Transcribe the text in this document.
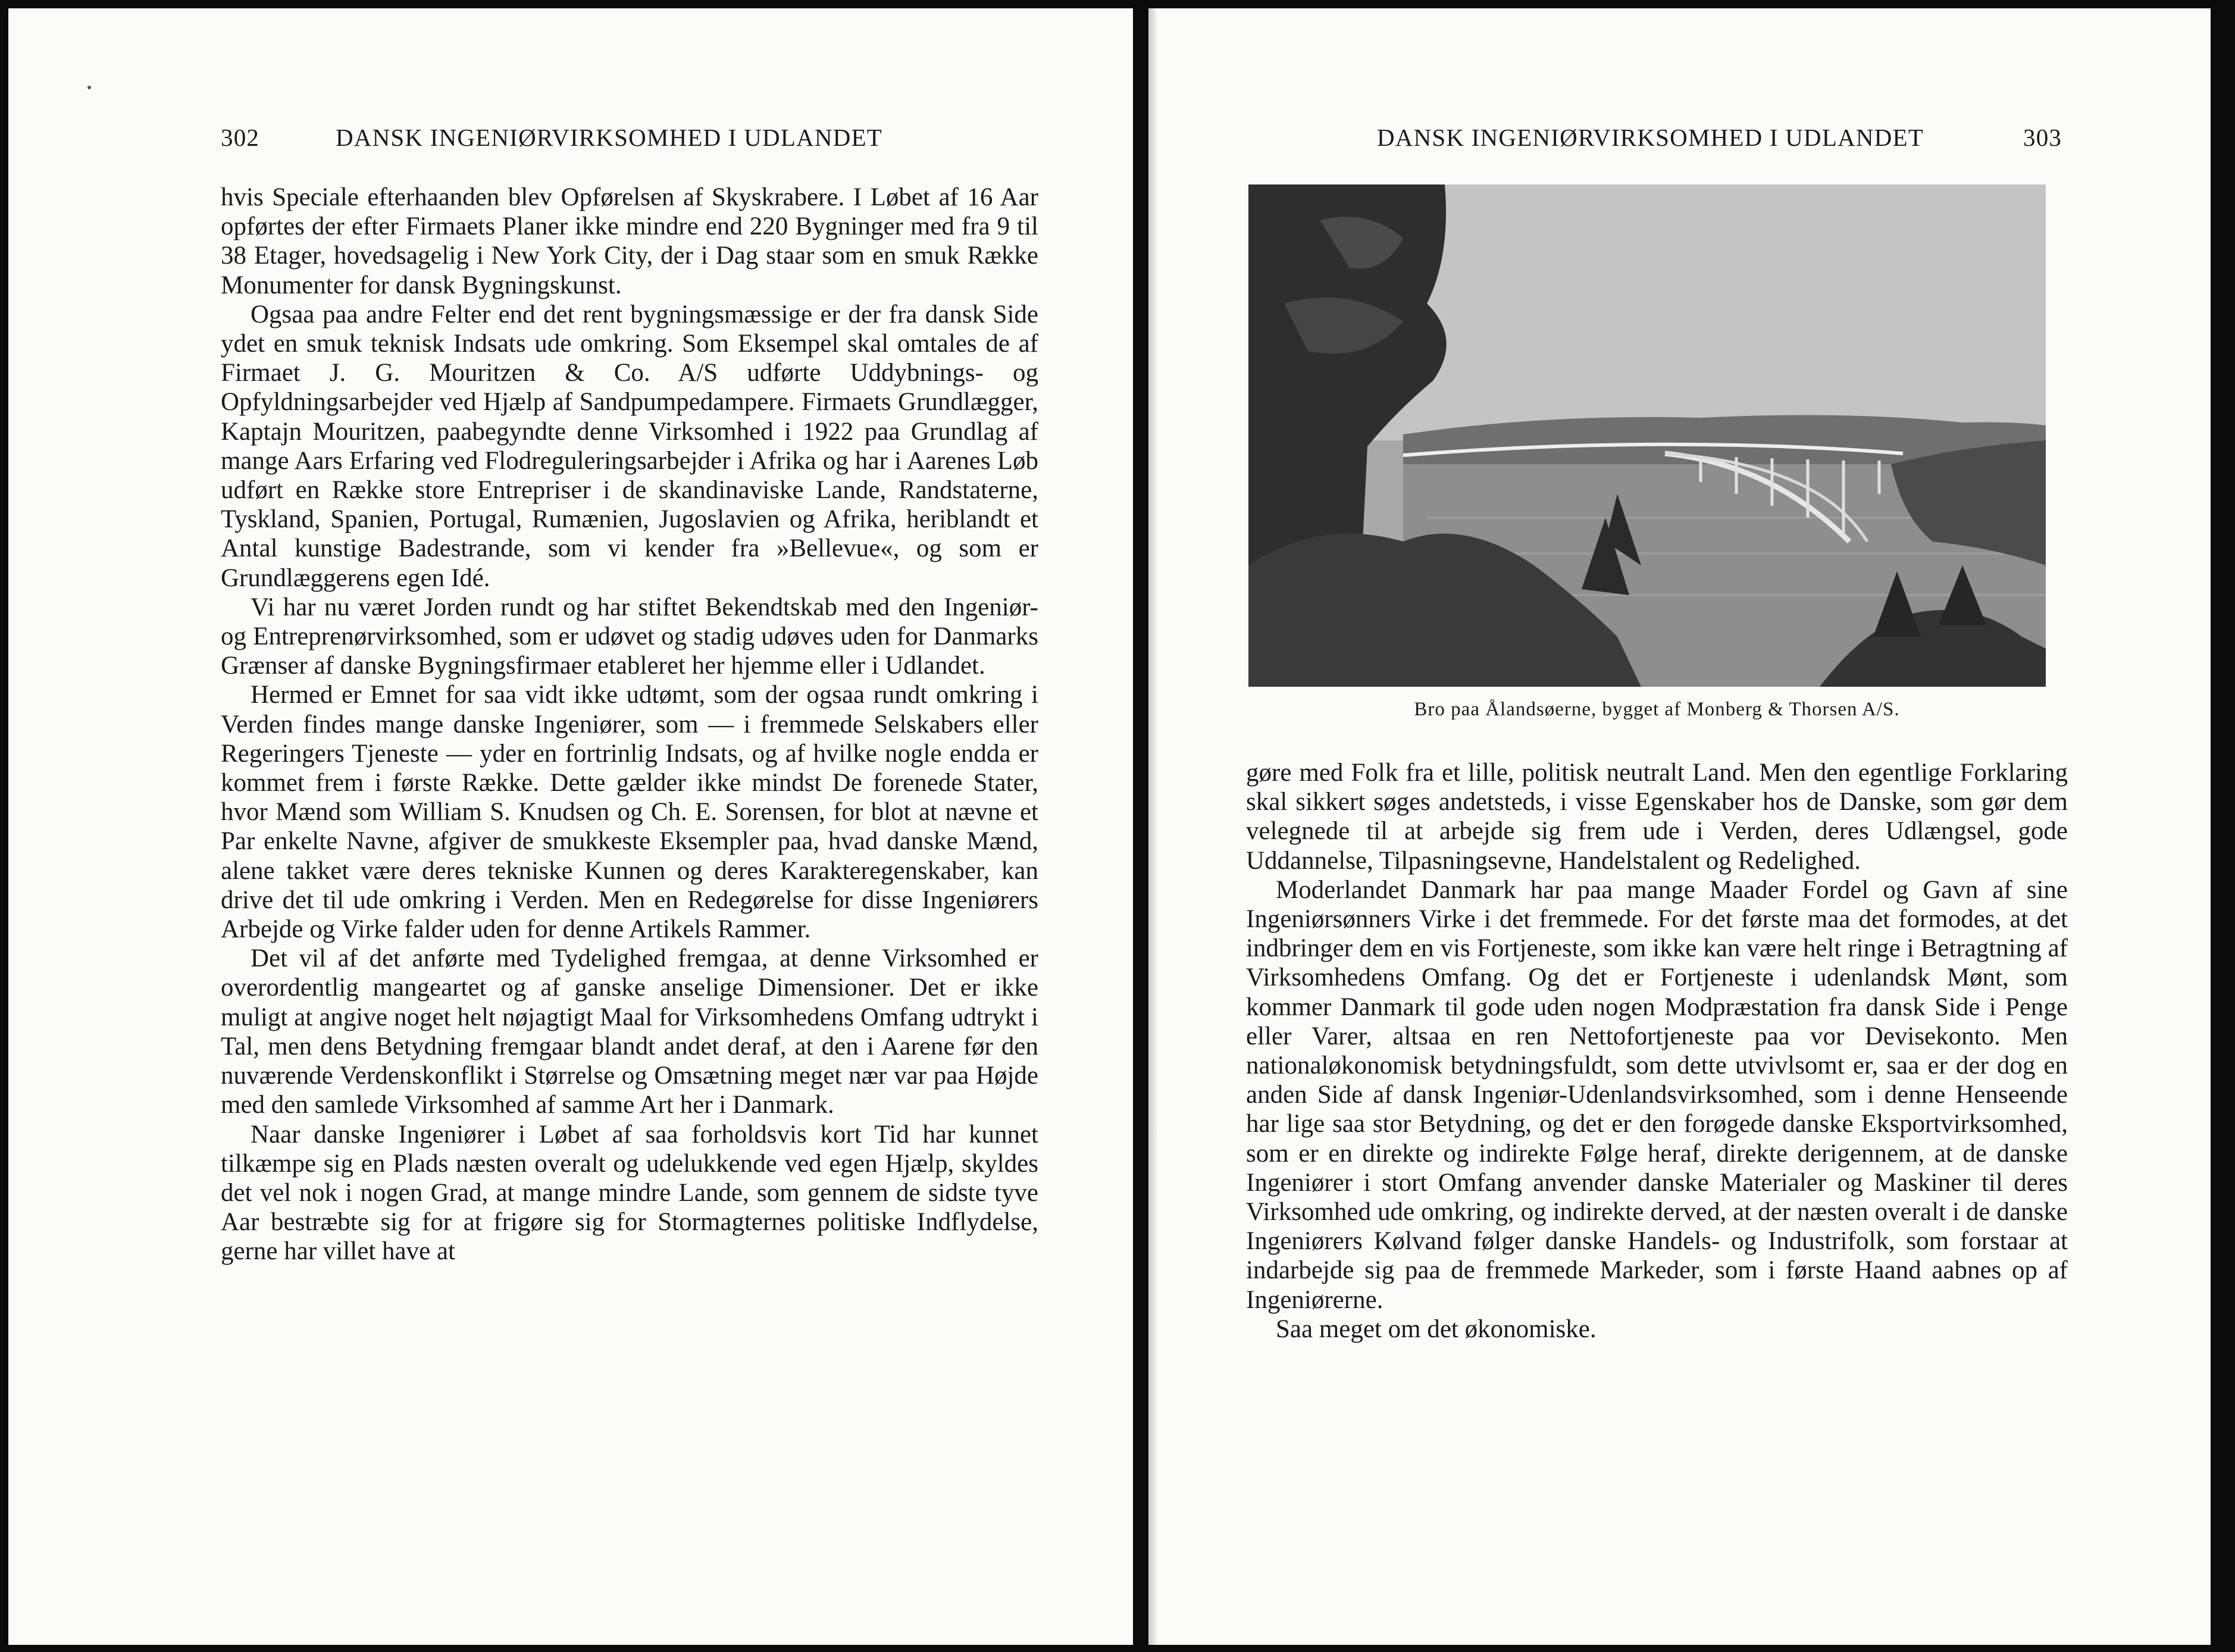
302	DANSK INGENIØRVIRKSOMHED I UDLANDET

hvis Speciale efterhaanden blev Opførelsen af Skyskrabere. I Løbet af 16 Aar opførtes der efter Firmaets Planer ikke mindre end 220 Bygninger med fra 9 til 38 Etager, hovedsagelig i New York City, der i Dag staar som en smuk Række Monumenter for dansk Bygningskunst.

Ogsaa paa andre Felter end det rent bygningsmæssige er der fra dansk Side ydet en smuk teknisk Indsats ude omkring. Som Eksempel skal omtales de af Firmaet J. G. Mouritzen & Co. A/S udførte Uddybnings- og Opfyldningsarbejder ved Hjælp af Sandpumpedampere. Firmaets Grundlægger, Kaptajn Mouritzen, paabegyndte denne Virksomhed i 1922 paa Grundlag af mange Aars Erfaring ved Flodreguleringsarbejder i Afrika og har i Aarenes Løb udført en Række store Entrepriser i de skandinaviske Lande, Randstaterne, Tyskland, Spanien, Portugal, Rumænien, Jugoslavien og Afrika, heriblandt et Antal kunstige Badestrande, som vi kender fra »Bellevue«, og som er Grundlæggerens egen Idé.

Vi har nu været Jorden rundt og har stiftet Bekendtskab med den Ingeniør- og Entreprenørvirksomhed, som er udøvet og stadig udøves uden for Danmarks Grænser af danske Bygningsfirmaer etableret her hjemme eller i Udlandet.

Hermed er Emnet for saa vidt ikke udtømt, som der ogsaa rundt omkring i Verden findes mange danske Ingeniører, som — i fremmede Selskabers eller Regeringers Tjeneste — yder en fortrinlig Indsats, og af hvilke nogle endda er kommet frem i første Række. Dette gælder ikke mindst De forenede Stater, hvor Mænd som William S. Knudsen og Ch. E. Sorensen, for blot at nævne et Par enkelte Navne, afgiver de smukkeste Eksempler paa, hvad danske Mænd, alene takket være deres tekniske Kunnen og deres Karakteregenskaber, kan drive det til ude omkring i Verden. Men en Redegørelse for disse Ingeniørers Arbejde og Virke falder uden for denne Artikels Rammer.

Det vil af det anførte med Tydelighed fremgaa, at denne Virksomhed er overordentlig mangeartet og af ganske anselige Dimensioner. Det er ikke muligt at angive noget helt nøjagtigt Maal for Virksomhedens Omfang udtrykt i Tal, men dens Betydning fremgaar blandt andet deraf, at den i Aarene før den nuværende Verdenskonflikt i Størrelse og Omsætning meget nær var paa Højde med den samlede Virksomhed af samme Art her i Danmark.

Naar danske Ingeniører i Løbet af saa forholdsvis kort Tid har kunnet tilkæmpe sig en Plads næsten overalt og udelukkende ved egen Hjælp, skyldes det vel nok i nogen Grad, at mange mindre Lande, som gennem de sidste tyve Aar bestræbte sig for at frigøre sig for Stormagternes politiske Indflydelse, gerne har villet have at

DANSK INGENIØRVIRKSOMHED I UDLANDET	303
Bro paa Ålandsøerne, bygget af Monberg & Thorsen A/S.

gøre med Folk fra et lille, politisk neutralt Land. Men den egentlige Forklaring skal sikkert søges andetsteds, i visse Egenskaber hos de Danske, som gør dem velegnede til at arbejde sig frem ude i Verden, deres Udlængsel, gode Uddannelse, Tilpasningsevne, Handelstalent og Redelighed.

Moderlandet Danmark har paa mange Maader Fordel og Gavn af sine Ingeniørsønners Virke i det fremmede. For det første maa det formodes, at det indbringer dem en vis Fortjeneste, som ikke kan være helt ringe i Betragtning af Virksomhedens Omfang. Og det er Fortjeneste i udenlandsk Mønt, som kommer Danmark til gode uden nogen Modpræstation fra dansk Side i Penge eller Varer, altsaa en ren Nettofortjeneste paa vor Devisekonto. Men nationaløkonomisk betydningsfuldt, som dette utvivlsomt er, saa er der dog en anden Side af dansk Ingeniør-Udenlandsvirksomhed, som i denne Henseende har lige saa stor Betydning, og det er den forøgede danske Eksportvirksomhed, som er en direkte og indirekte Følge heraf, direkte derigennem, at de danske Ingeniører i stort Omfang anvender danske Materialer og Maskiner til deres Virksomhed ude omkring, og indirekte derved, at der næsten overalt i de danske Ingeniørers Kølvand følger danske Handels- og Industrifolk, som forstaar at indarbejde sig paa de fremmede Markeder, som i første Haand aabnes op af Ingeniørerne.

Saa meget om det økonomiske.
